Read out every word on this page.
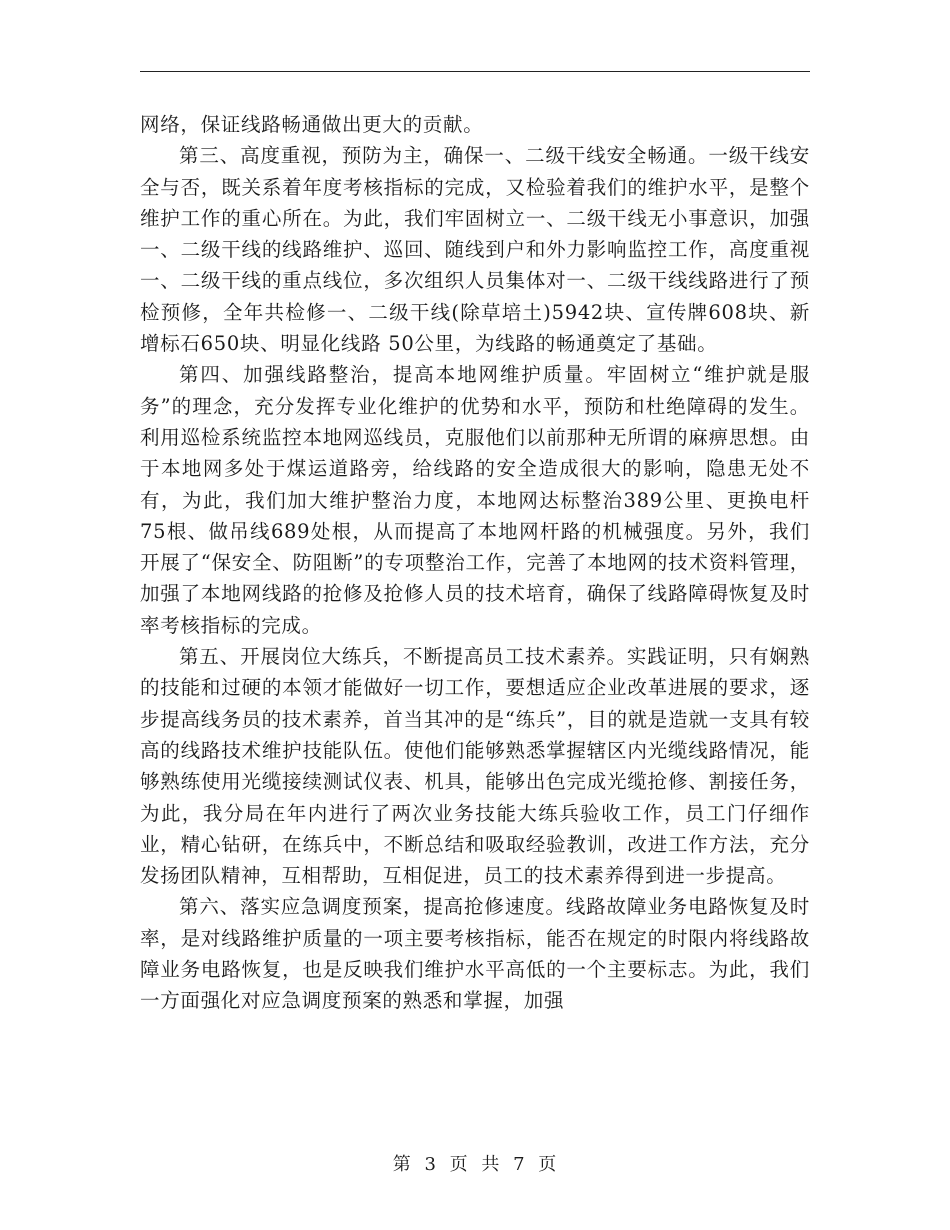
网络，保证线路畅通做出更大的贡献。

第三、高度重视，预防为主，确保一、二级干线安全畅通。一级干线安全与否，既关系着年度考核指标的完成，又检验着我们的维护水平，是整个维护工作的重心所在。为此，我们牢固树立一、二级干线无小事意识，加强一、二级干线的线路维护、巡回、随线到户和外力影响监控工作，高度重视一、二级干线的重点线位，多次组织人员集体对一、二级干线线路进行了预检预修，全年共检修一、二级干线(除草培土)5942块、宣传牌608块、新增标石650块、明显化线路 50公里，为线路的畅通奠定了基础。

第四、加强线路整治，提高本地网维护质量。牢固树立“维护就是服务”的理念，充分发挥专业化维护的优势和水平，预防和杜绝障碍的发生。利用巡检系统监控本地网巡线员，克服他们以前那种无所谓的麻痹思想。由于本地网多处于煤运道路旁，给线路的安全造成很大的影响，隐患无处不有，为此，我们加大维护整治力度，本地网达标整治389公里、更换电杆75根、做吊线689处根，从而提高了本地网杆路的机械强度。另外，我们开展了“保安全、防阻断”的专项整治工作，完善了本地网的技术资料管理，加强了本地网线路的抢修及抢修人员的技术培育，确保了线路障碍恢复及时率考核指标的完成。

第五、开展岗位大练兵，不断提高员工技术素养。实践证明，只有娴熟的技能和过硬的本领才能做好一切工作，要想适应企业改革进展的要求，逐步提高线务员的技术素养，首当其冲的是“练兵”，目的就是造就一支具有较高的线路技术维护技能队伍。使他们能够熟悉掌握辖区内光缆线路情况，能够熟练使用光缆接续测试仪表、机具，能够出色完成光缆抢修、割接任务，为此，我分局在年内进行了两次业务技能大练兵验收工作，员工门仔细作业，精心钻研，在练兵中，不断总结和吸取经验教训，改进工作方法，充分发扬团队精神，互相帮助，互相促进，员工的技术素养得到进一步提高。

第六、落实应急调度预案，提高抢修速度。线路故障业务电路恢复及时率，是对线路维护质量的一项主要考核指标，能否在规定的时限内将线路故障业务电路恢复，也是反映我们维护水平高低的一个主要标志。为此，我们一方面强化对应急调度预案的熟悉和掌握，加强

第 3 页 共 7 页
